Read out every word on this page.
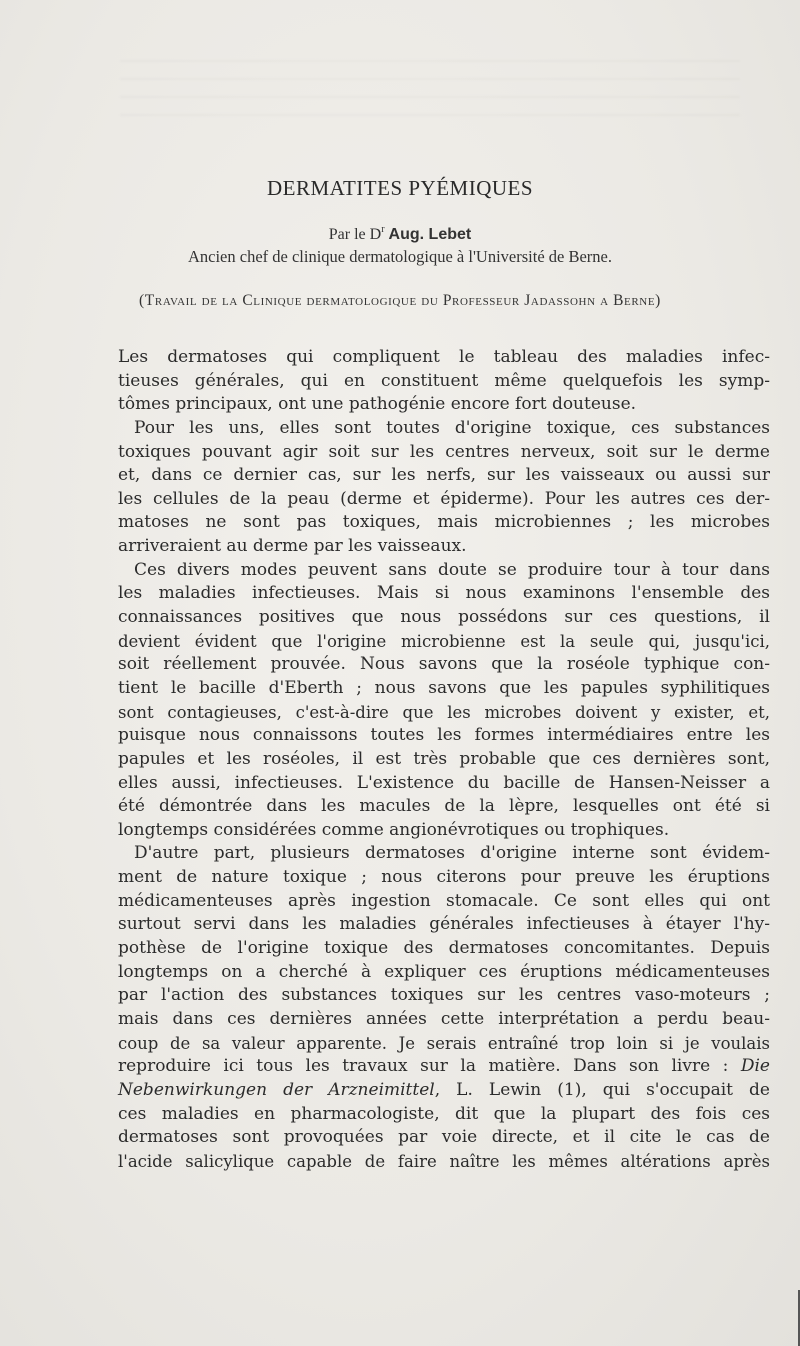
DERMATITES PYÉMIQUES
Par le $D^r$ Aug. Lebet
Ancien chef de clinique dermatologique à l'Université de Berne.
(Travail de la Clinique dermatologique du Professeur Jadassohn a Berne)
Les dermatoses qui compliquent le tableau des maladies infec-
tieuses générales, qui en constituent même quelquefois les symp-
tômes principaux, ont une pathogénie encore fort douteuse.
Pour les uns, elles sont toutes d'origine toxique, ces substances
toxiques pouvant agir soit sur les centres nerveux, soit sur le derme
et, dans ce dernier cas, sur les nerfs, sur les vaisseaux ou aussi sur
les cellules de la peau (derme et épiderme). Pour les autres ces der-
matoses ne sont pas toxiques, mais microbiennes ; les microbes
arriveraient au derme par les vaisseaux.
Ces divers modes peuvent sans doute se produire tour à tour dans
les maladies infectieuses. Mais si nous examinons l'ensemble des
connaissances positives que nous possédons sur ces questions, il
devient évident que l'origine microbienne est la seule qui, jusqu'ici,
soit réellement prouvée. Nous savons que la roséole typhique con-
tient le bacille d'Eberth ; nous savons que les papules syphilitiques
sont contagieuses, c'est-à-dire que les microbes doivent y exister, et,
puisque nous connaissons toutes les formes intermédiaires entre les
papules et les roséoles, il est très probable que ces dernières sont,
elles aussi, infectieuses. L'existence du bacille de Hansen-Neisser a
été démontrée dans les macules de la lèpre, lesquelles ont été si
longtemps considérées comme angionévrotiques ou trophiques.
D'autre part, plusieurs dermatoses d'origine interne sont évidem-
ment de nature toxique ; nous citerons pour preuve les éruptions
médicamenteuses après ingestion stomacale. Ce sont elles qui ont
surtout servi dans les maladies générales infectieuses à étayer l'hy-
pothèse de l'origine toxique des dermatoses concomitantes. Depuis
longtemps on a cherché à expliquer ces éruptions médicamenteuses
par l'action des substances toxiques sur les centres vaso-moteurs ;
mais dans ces dernières années cette interprétation a perdu beau-
coup de sa valeur apparente. Je serais entraîné trop loin si je voulais
reproduire ici tous les travaux sur la matière. Dans son livre : Die
Nebenwirkungen der Arzneimittel, L. Lewin (1), qui s'occupait de
ces maladies en pharmacologiste, dit que la plupart des fois ces
dermatoses sont provoquées par voie directe, et il cite le cas de
l'acide salicylique capable de faire naître les mêmes altérations après
